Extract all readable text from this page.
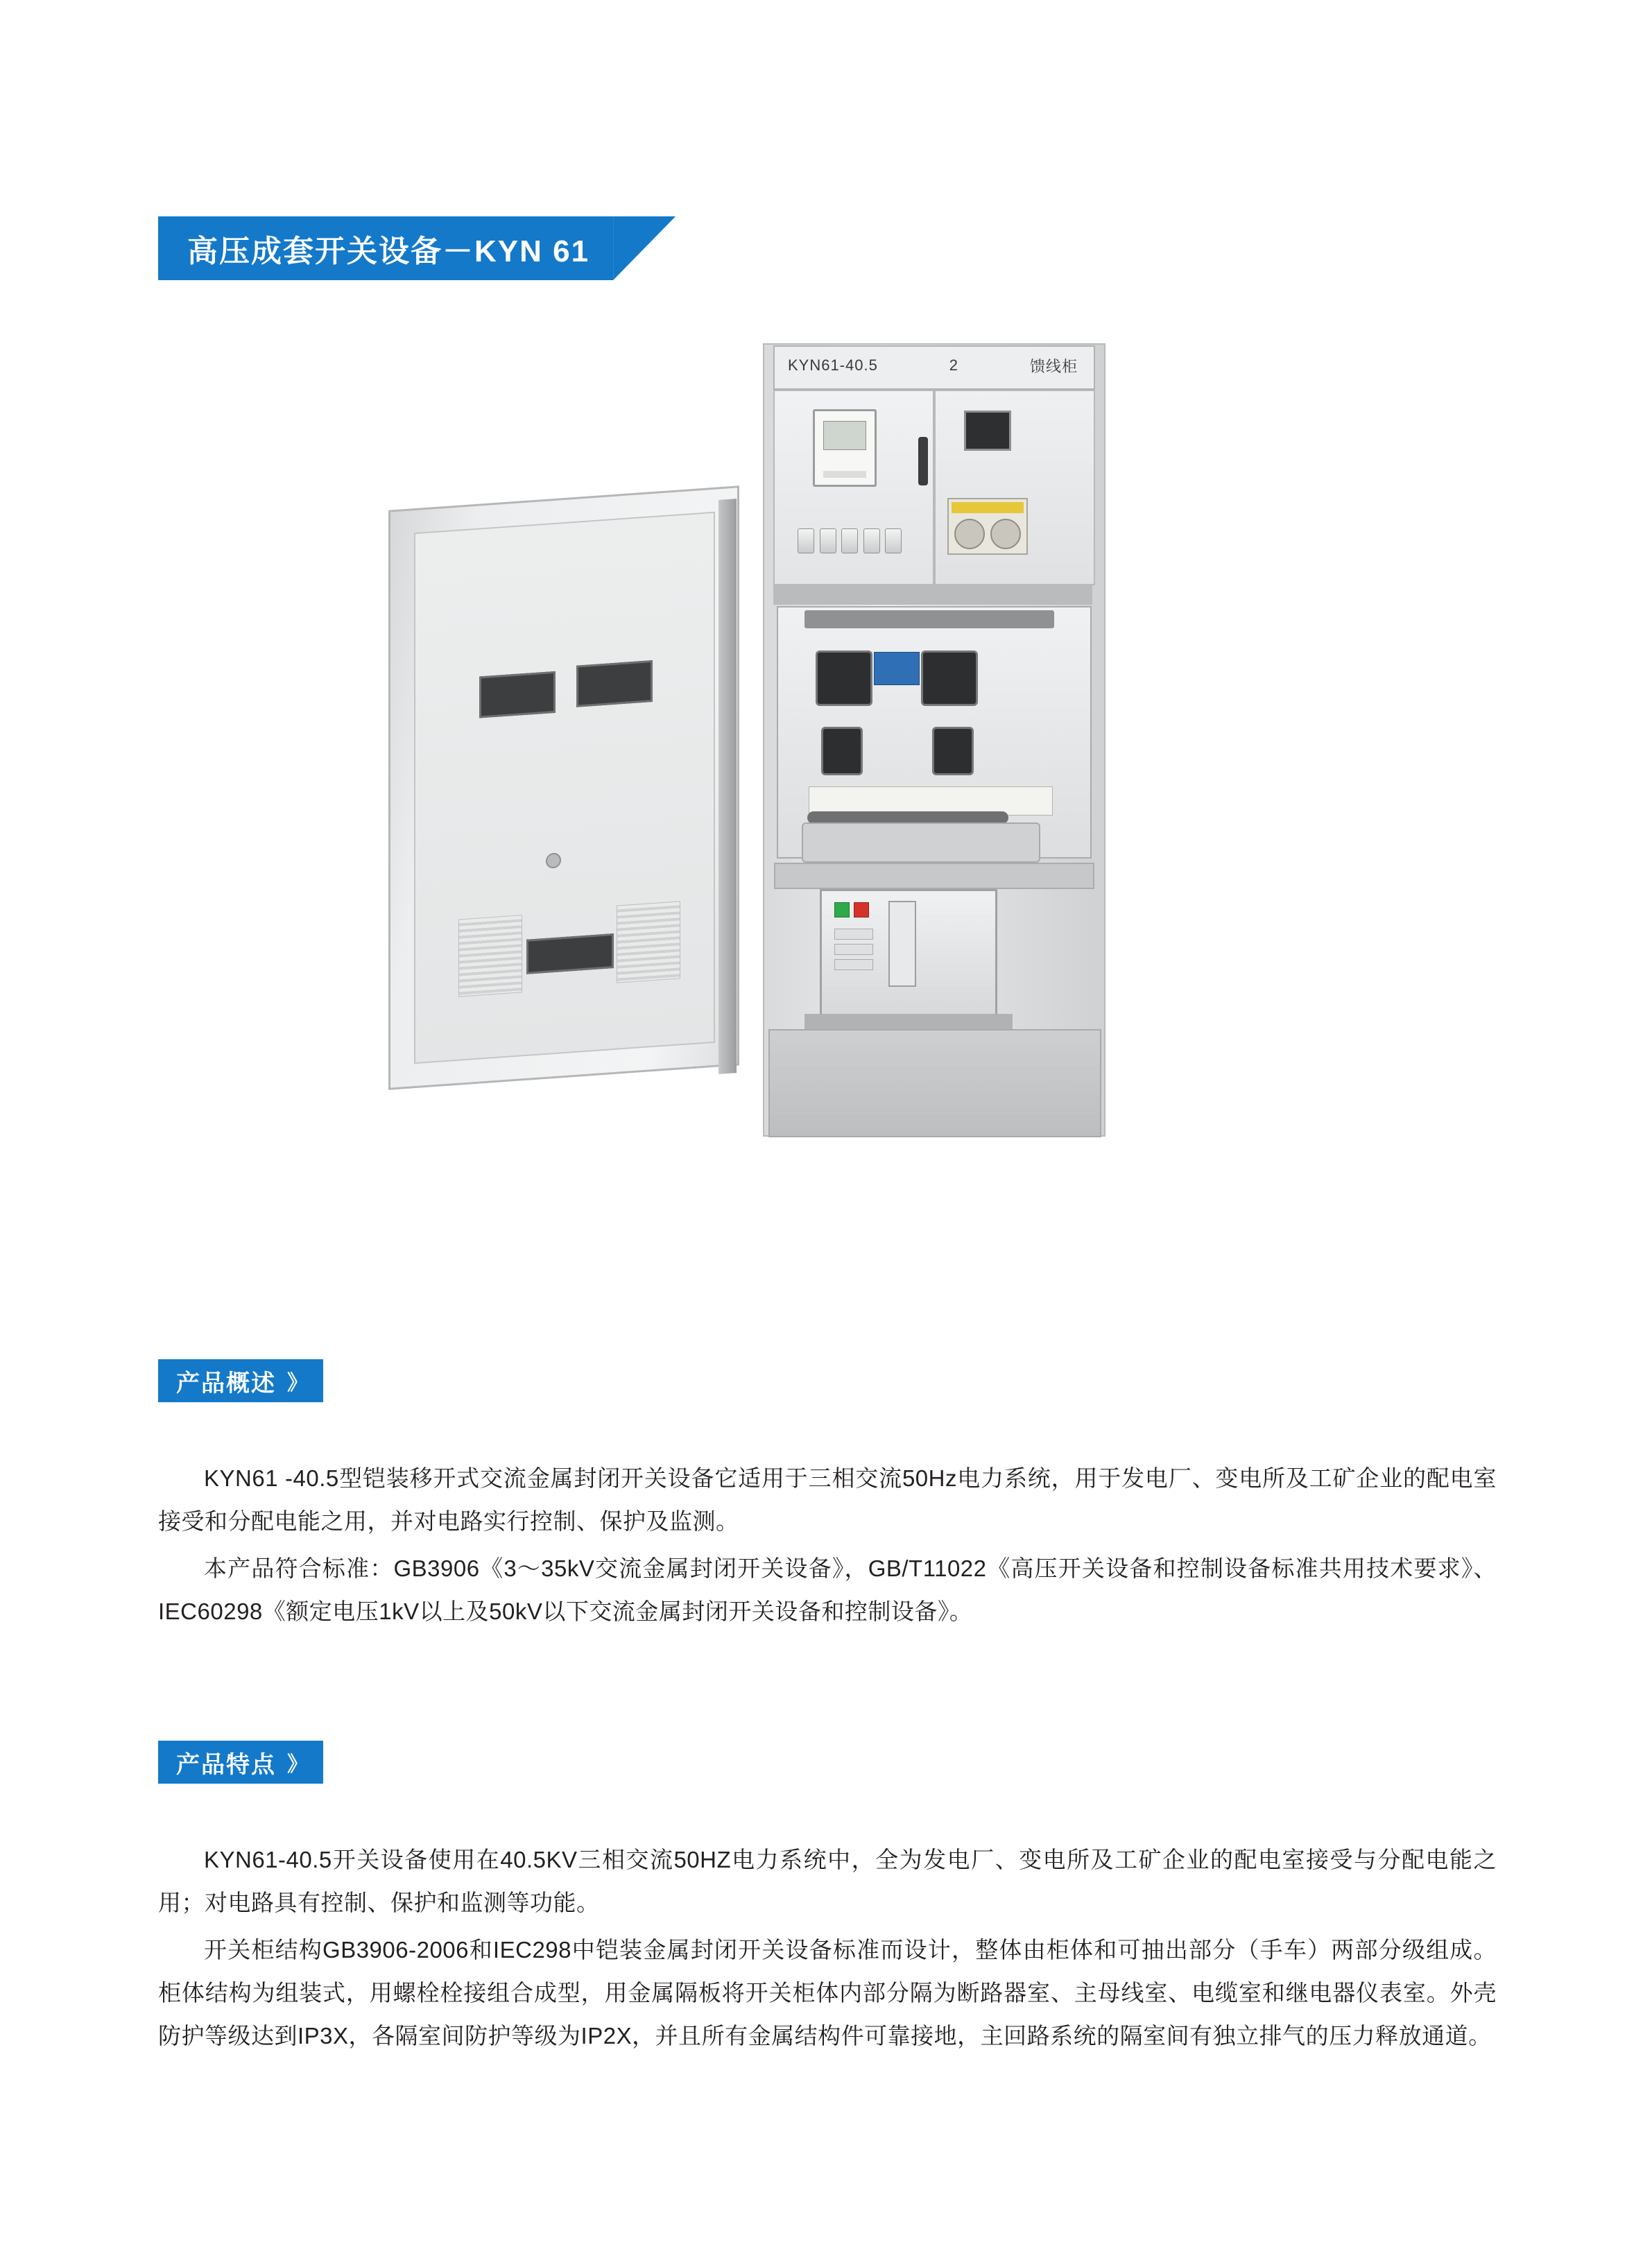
高压成套开关设备－KYN 61
KYN61-40.5	2	馈线柜
产品概述 》

KYN61 -40.5型铠装移开式交流金属封闭开关设备它适用于三相交流50Hz电力系统，用于发电厂、变电所及工矿企业的配电室接受和分配电能之用，并对电路实行控制、保护及监测。

本产品符合标准：GB3906《3～35kV交流金属封闭开关设备》，GB/T11022《高压开关设备和控制设备标准共用技术要求》、IEC60298《额定电压1kV以上及50kV以下交流金属封闭开关设备和控制设备》。

产品特点 》

KYN61-40.5开关设备使用在40.5KV三相交流50HZ电力系统中，全为发电厂、变电所及工矿企业的配电室接受与分配电能之用；对电路具有控制、保护和监测等功能。

开关柜结构GB3906-2006和IEC298中铠装金属封闭开关设备标准而设计，整体由柜体和可抽出部分（手车）两部分级组成。柜体结构为组装式，用螺栓栓接组合成型，用金属隔板将开关柜体内部分隔为断路器室、主母线室、电缆室和继电器仪表室。外壳防护等级达到IP3X，各隔室间防护等级为IP2X，并且所有金属结构件可靠接地，主回路系统的隔室间有独立排气的压力释放通道。
